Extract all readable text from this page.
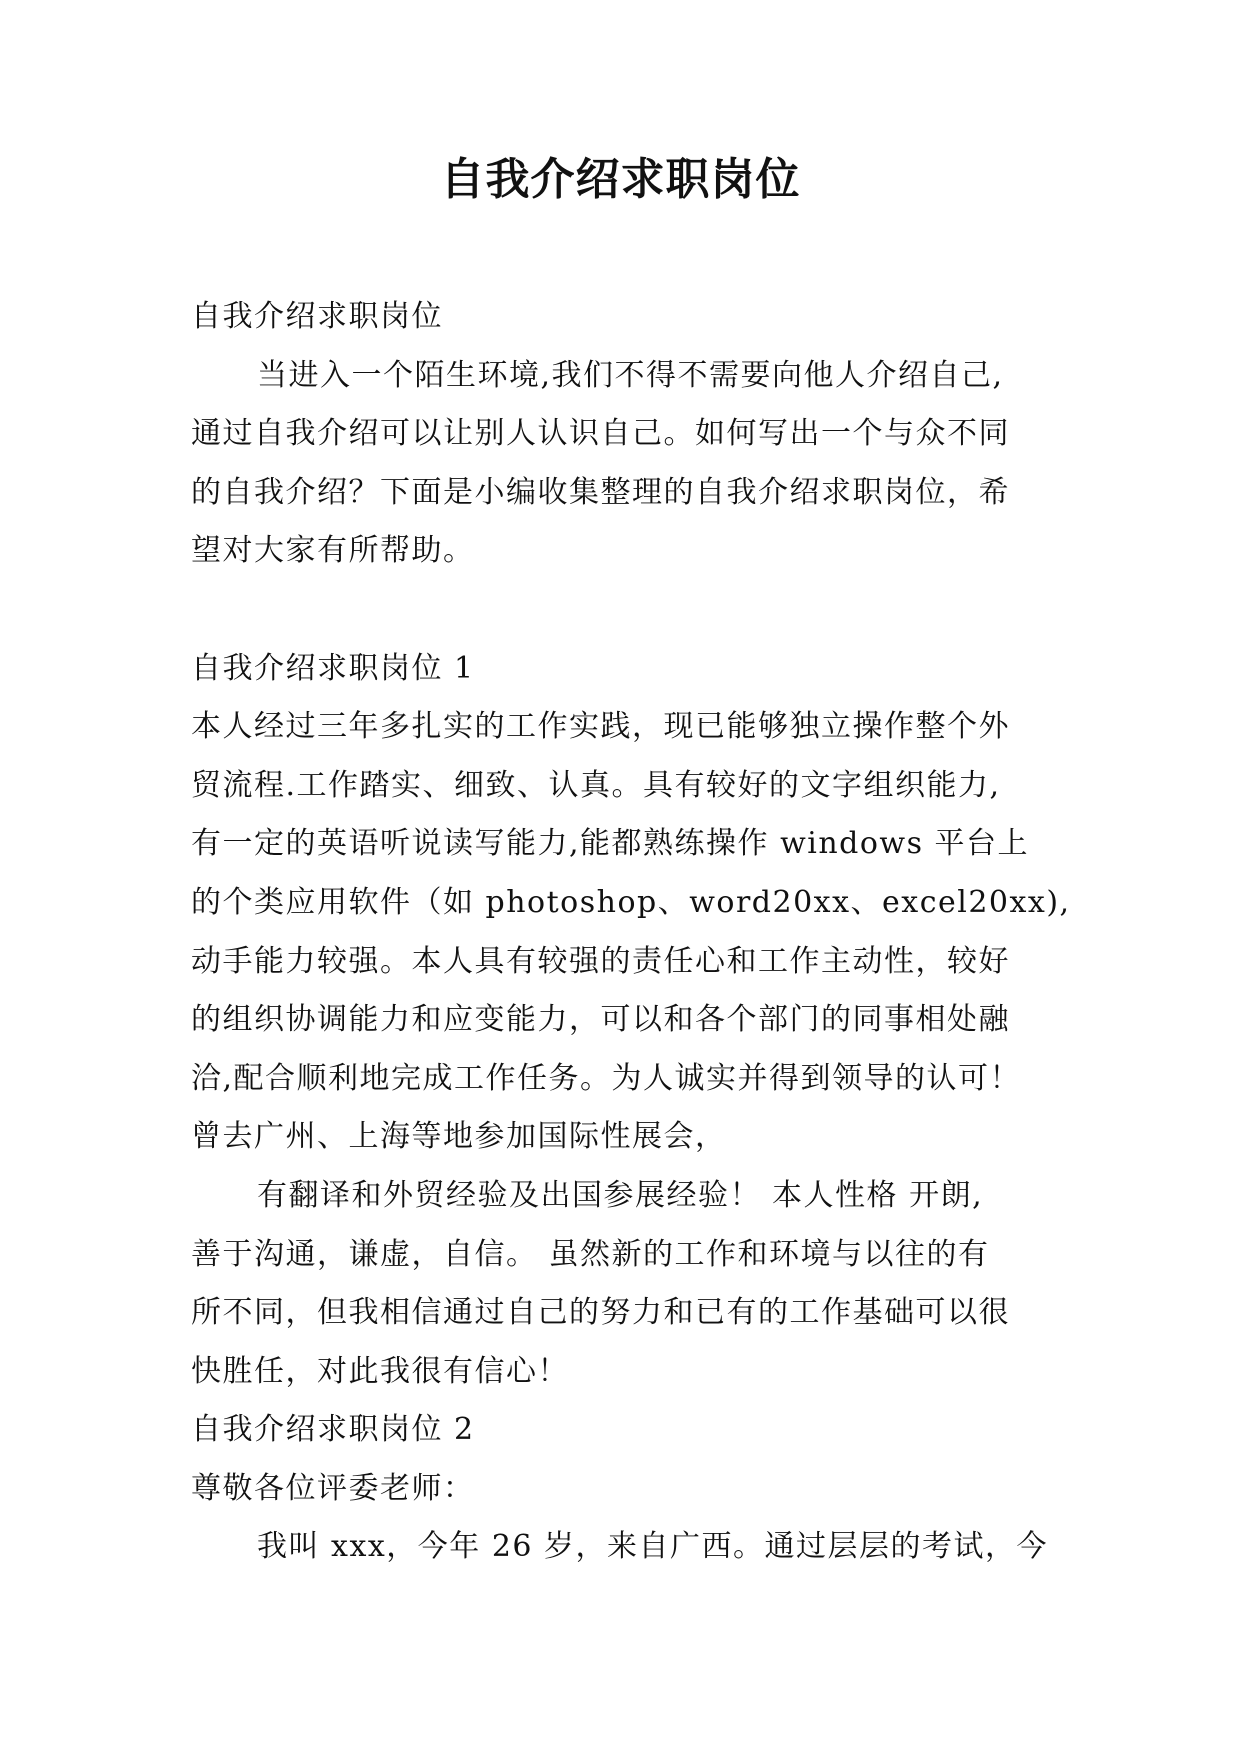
自我介绍求职岗位
自我介绍求职岗位
当进入一个陌生环境,我们不得不需要向他人介绍自己,
通过自我介绍可以让别人认识自己。如何写出一个与众不同
的自我介绍？下面是小编收集整理的自我介绍求职岗位，希
望对大家有所帮助。
自我介绍求职岗位 1
本人经过三年多扎实的工作实践，现已能够独立操作整个外
贸流程.工作踏实、细致、认真。具有较好的文字组织能力,
有一定的英语听说读写能力,能都熟练操作 windows 平台上
的个类应用软件（如 photoshop、word20xx、excel20xx),
动手能力较强。本人具有较强的责任心和工作主动性，较好
的组织协调能力和应变能力，可以和各个部门的同事相处融
洽,配合顺利地完成工作任务。为人诚实并得到领导的认可！
曾去广州、上海等地参加国际性展会，
有翻译和外贸经验及出国参展经验！ 本人性格 开朗,
善于沟通，谦虚，自信。 虽然新的工作和环境与以往的有
所不同，但我相信通过自己的努力和已有的工作基础可以很
快胜任，对此我很有信心！
自我介绍求职岗位 2
尊敬各位评委老师：
我叫 xxx，今年 26 岁，来自广西。通过层层的考试，今
